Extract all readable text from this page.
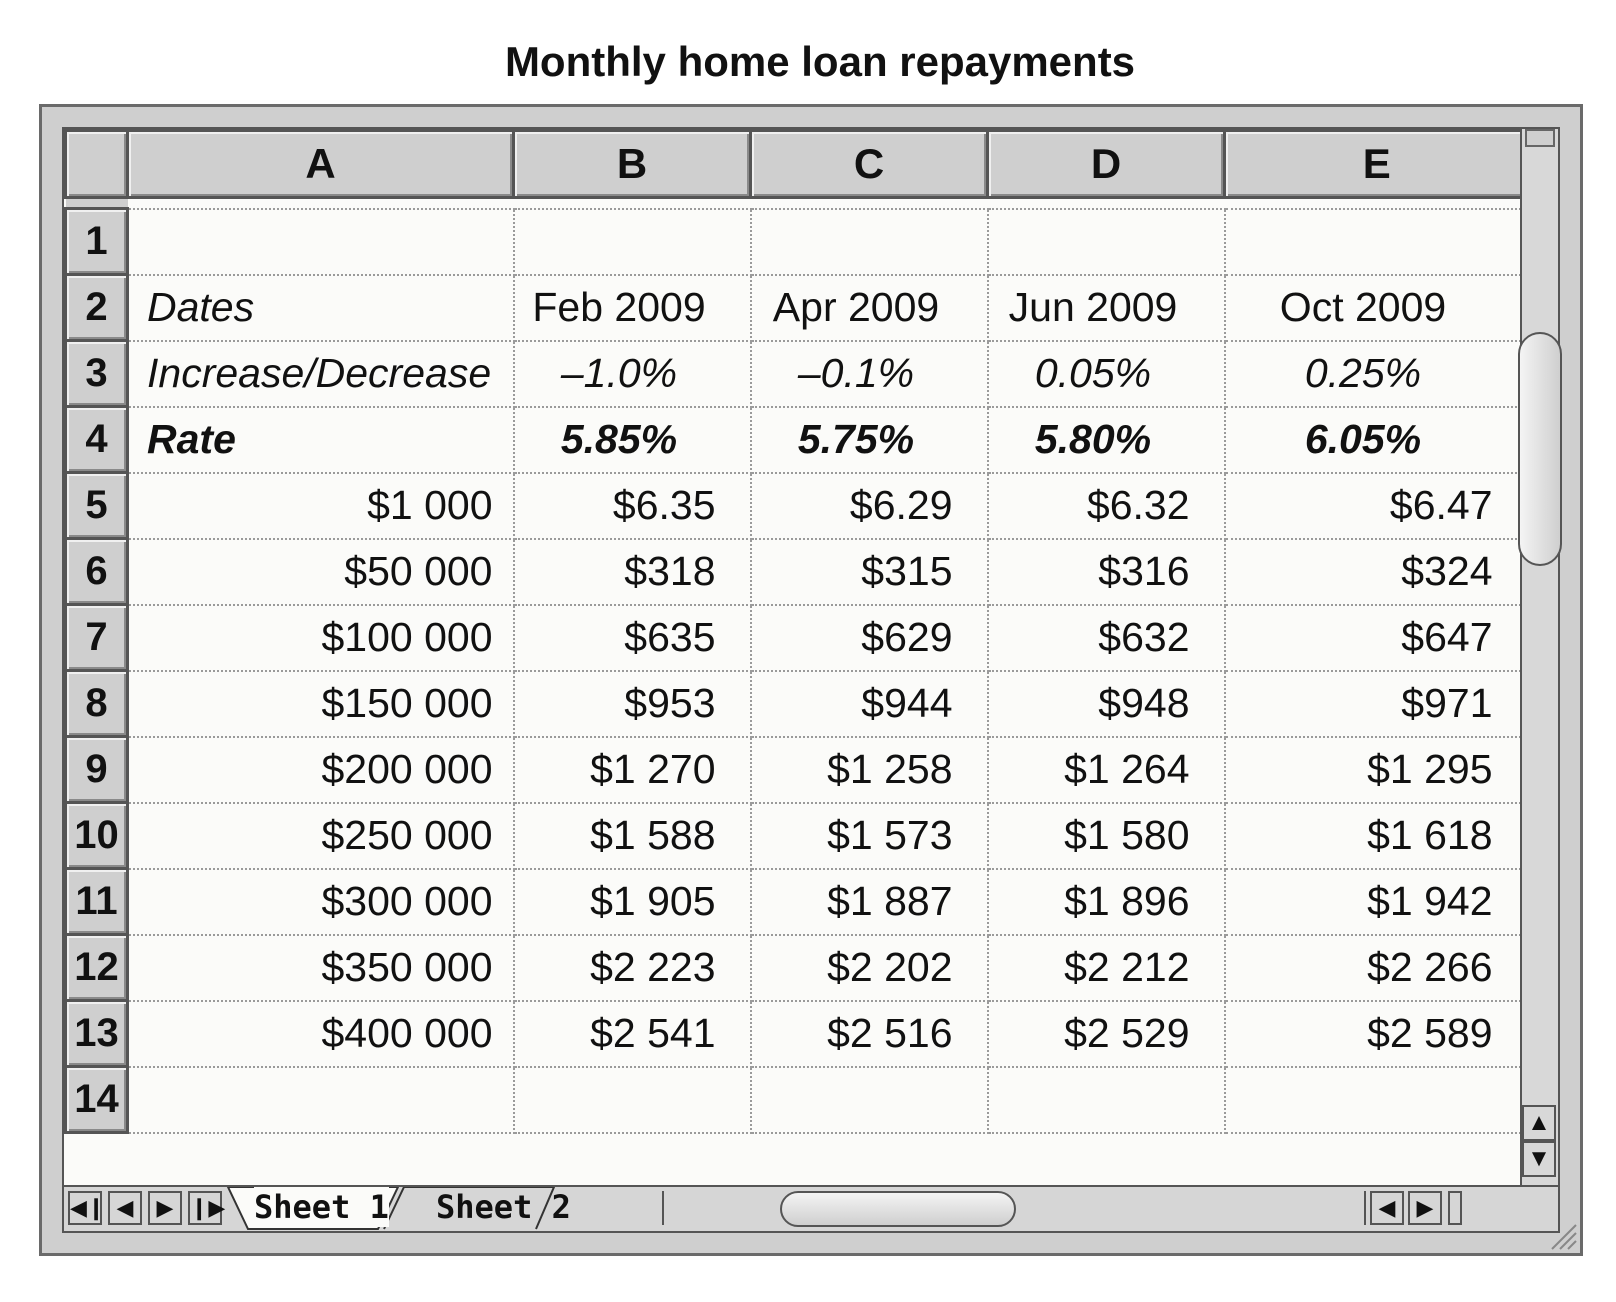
Monthly home loan repayments
	A	B	C	D	E

1					
2	Dates	Feb 2009	Apr 2009	Jun 2009	Oct 2009
3	Increase/Decrease	–1.0%	–0.1%	0.05%	0.25%
4	Rate	5.85%	5.75%	5.80%	6.05%
5	$1 000	$6.35	$6.29	$6.32	$6.47
6	$50 000	$318	$315	$316	$324
7	$100 000	$635	$629	$632	$647
8	$150 000	$953	$944	$948	$971
9	$200 000	$1 270	$1 258	$1 264	$1 295
10	$250 000	$1 588	$1 573	$1 580	$1 618
11	$300 000	$1 905	$1 887	$1 896	$1 942
12	$350 000	$2 223	$2 202	$2 212	$2 266
13	$400 000	$2 541	$2 516	$2 529	$2 589
14					
▲
▼
◀❙ ◀	▶ ❙▶ Sheet 1 Sheet 2	◀ ▶
